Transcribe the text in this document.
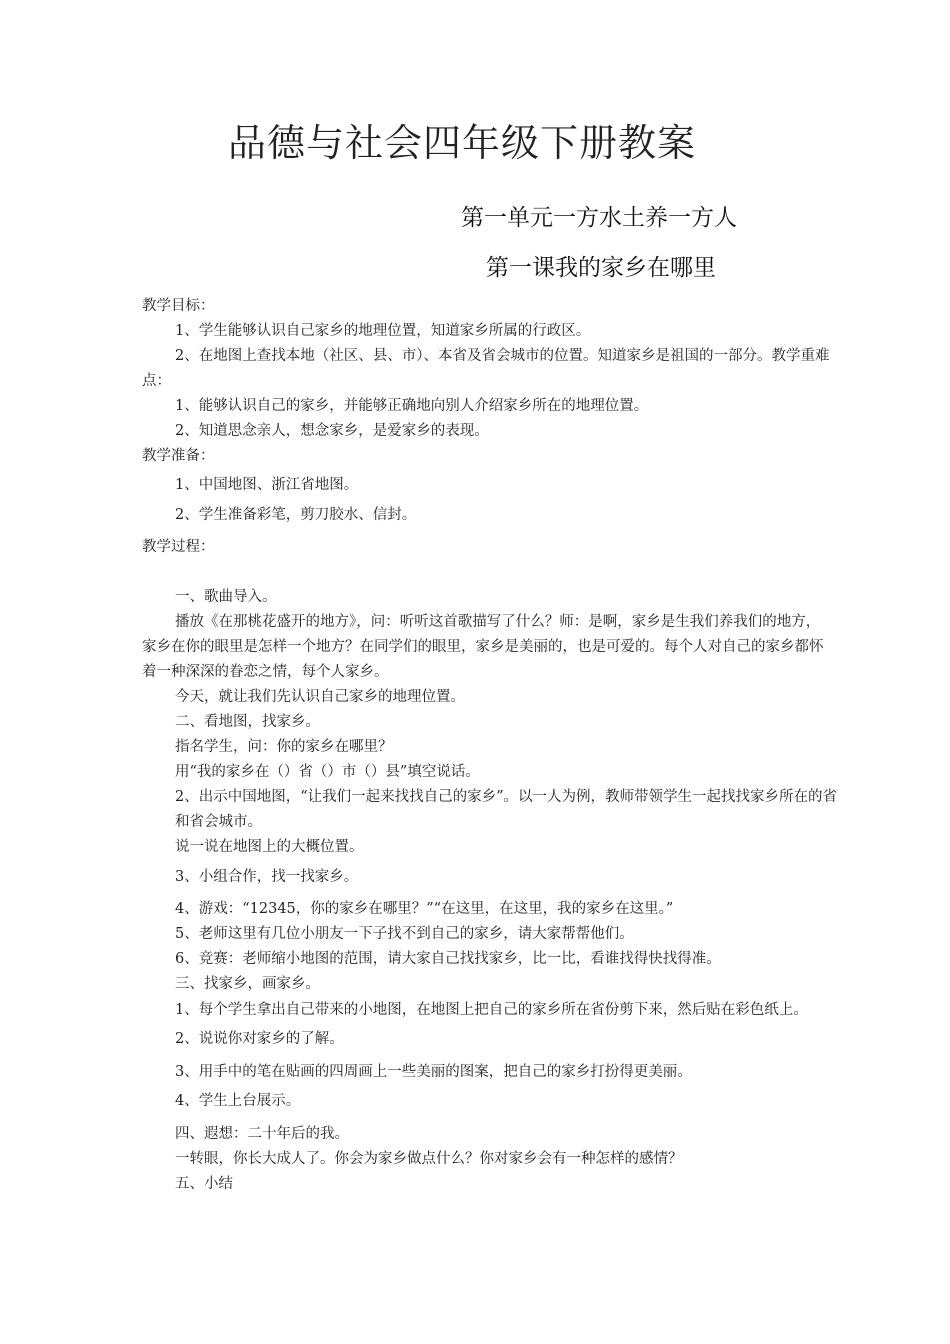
品德与社会四年级下册教案
第一单元一方水土养一方人
第一课我的家乡在哪里
教学目标：
1、学生能够认识自己家乡的地理位置，知道家乡所属的行政区。
2、在地图上查找本地（社区、县、市）、本省及省会城市的位置。知道家乡是祖国的一部分。教学重难
点：
1、能够认识自己的家乡，并能够正确地向别人介绍家乡所在的地理位置。
2、知道思念亲人，想念家乡，是爱家乡的表现。
教学准备：
1、中国地图、浙江省地图。
2、学生准备彩笔，剪刀胶水、信封。
教学过程：
一、歌曲导入。
播放《在那桃花盛开的地方》，问：听听这首歌描写了什么？师：是啊，家乡是生我们养我们的地方，
家乡在你的眼里是怎样一个地方？在同学们的眼里，家乡是美丽的，也是可爱的。每个人对自己的家乡都怀
着一种深深的眷恋之情，每个人家乡。
今天，就让我们先认识自己家乡的地理位置。
二、看地图，找家乡。
指名学生，问：你的家乡在哪里？
用“我的家乡在（）省（）市（）县”填空说话。
2、出示中国地图，“让我们一起来找找自己的家乡”。以一人为例，教师带领学生一起找找家乡所在的省
和省会城市。
说一说在地图上的大概位置。
3、小组合作，找一找家乡。
4、游戏：“12345，你的家乡在哪里？”“在这里，在这里，我的家乡在这里。”
5、老师这里有几位小朋友一下子找不到自己的家乡，请大家帮帮他们。
6、竞赛：老师缩小地图的范围，请大家自己找找家乡，比一比，看谁找得快找得准。
三、找家乡，画家乡。
1、每个学生拿出自己带来的小地图，在地图上把自己的家乡所在省份剪下来，然后贴在彩色纸上。
2、说说你对家乡的了解。
3、用手中的笔在贴画的四周画上一些美丽的图案，把自己的家乡打扮得更美丽。
4、学生上台展示。
四、遐想：二十年后的我。
一转眼，你长大成人了。你会为家乡做点什么？你对家乡会有一种怎样的感情？
五、小结
